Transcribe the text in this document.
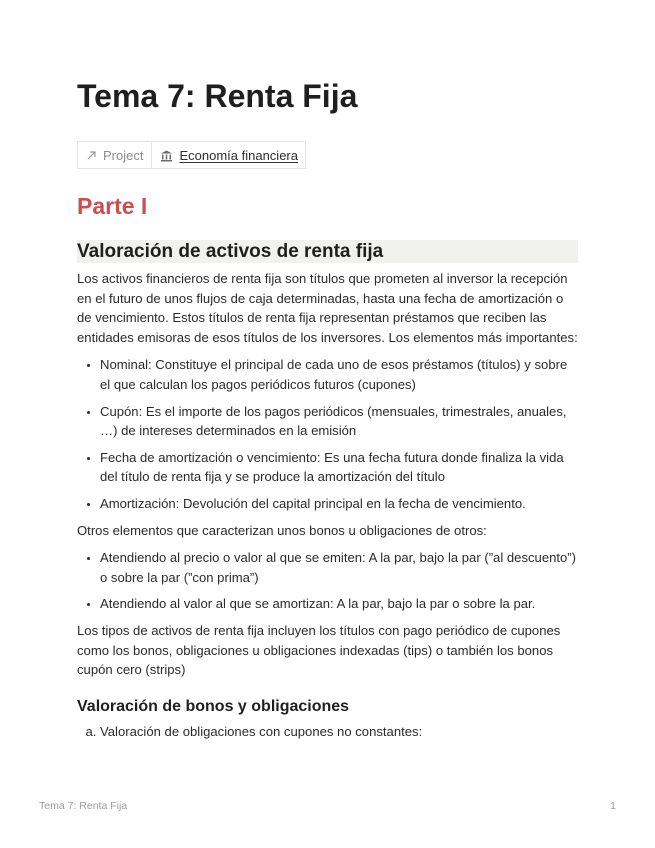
Tema 7: Renta Fija
Project	Economía financiera
Parte I
Valoración de activos de renta fija

Los activos financieros de renta fija son títulos que prometen al inversor la recepción en el futuro de unos flujos de caja determinadas, hasta una fecha de amortización o de vencimiento. Estos títulos de renta fija representan préstamos que reciben las entidades emisoras de esos títulos de los inversores. Los elementos más importantes:

• Nominal: Constituye el principal de cada uno de esos préstamos (títulos) y sobre el que calculan los pagos periódicos futuros (cupones)
• Cupón: Es el importe de los pagos periódicos (mensuales, trimestrales, anuales, …) de intereses determinados en la emisión
• Fecha de amortización o vencimiento: Es una fecha futura donde finaliza la vida del título de renta fija y se produce la amortización del título
• Amortización: Devolución del capital principal en la fecha de vencimiento.

Otros elementos que caracterizan unos bonos u obligaciones de otros:

• Atendiendo al precio o valor al que se emiten: A la par, bajo la par (”al descuento”) o sobre la par (”con prima”)
• Atendiendo al valor al que se amortizan: A la par, bajo la par o sobre la par.

Los tipos de activos de renta fija incluyen los títulos con pago periódico de cupones como los bonos, obligaciones u obligaciones indexadas (tips) o también los bonos cupón cero (strips)

Valoración de bonos y obligaciones
a. Valoración de obligaciones con cupones no constantes:
Tema 7: Renta Fija	1
